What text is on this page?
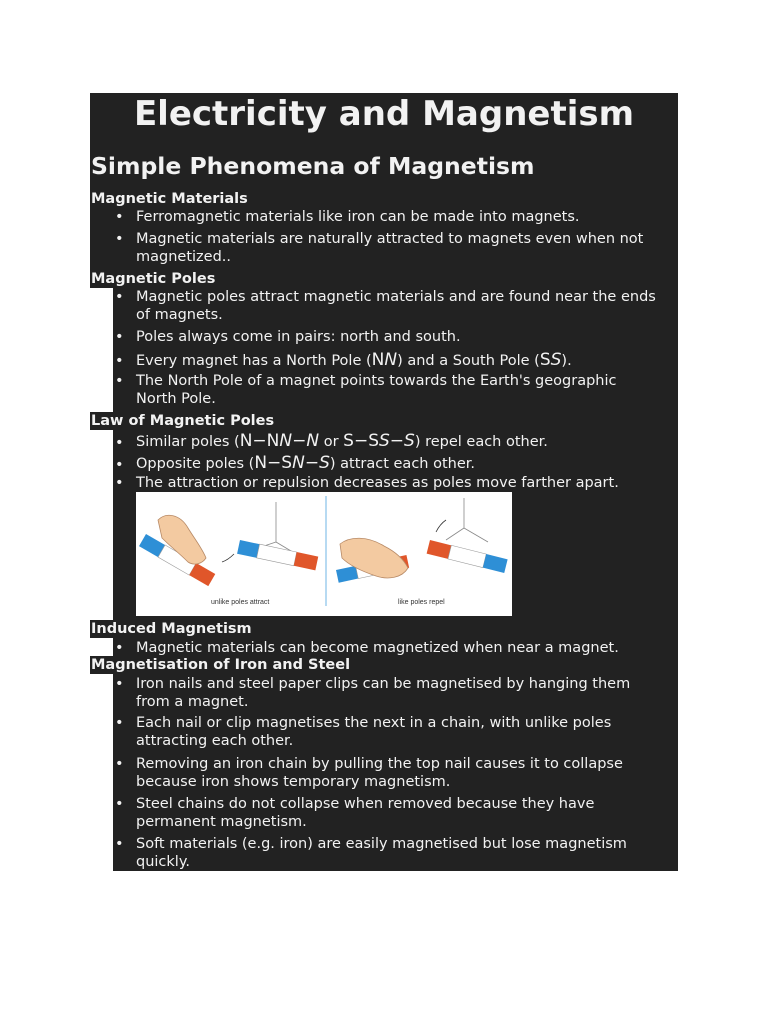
Electricity and Magnetism
Simple Phenomena of Magnetism
Magnetic Materials
• Ferromagnetic materials like iron can be made into magnets.
• Magnetic materials are naturally attracted to magnets even when not
magnetized..
Magnetic Poles
• Magnetic poles attract magnetic materials and are found near the ends
of magnets.
• Poles always come in pairs: north and south.
• Every magnet has a North Pole (NN) and a South Pole (SS).
• The North Pole of a magnet points towards the Earth's geographic
North Pole.
Law of Magnetic Poles
• Similar poles (N−NN−N or S−SS−S) repel each other.
• Opposite poles (N−SN−S) attract each other.
• The attraction or repulsion decreases as poles move farther apart.
unlike poles attract	like poles repel
Induced Magnetism
• Magnetic materials can become magnetized when near a magnet.
Magnetisation of Iron and Steel
• Iron nails and steel paper clips can be magnetised by hanging them
from a magnet.
• Each nail or clip magnetises the next in a chain, with unlike poles
attracting each other.
• Removing an iron chain by pulling the top nail causes it to collapse
because iron shows temporary magnetism.
• Steel chains do not collapse when removed because they have
permanent magnetism.
• Soft materials (e.g. iron) are easily magnetised but lose magnetism
quickly.
